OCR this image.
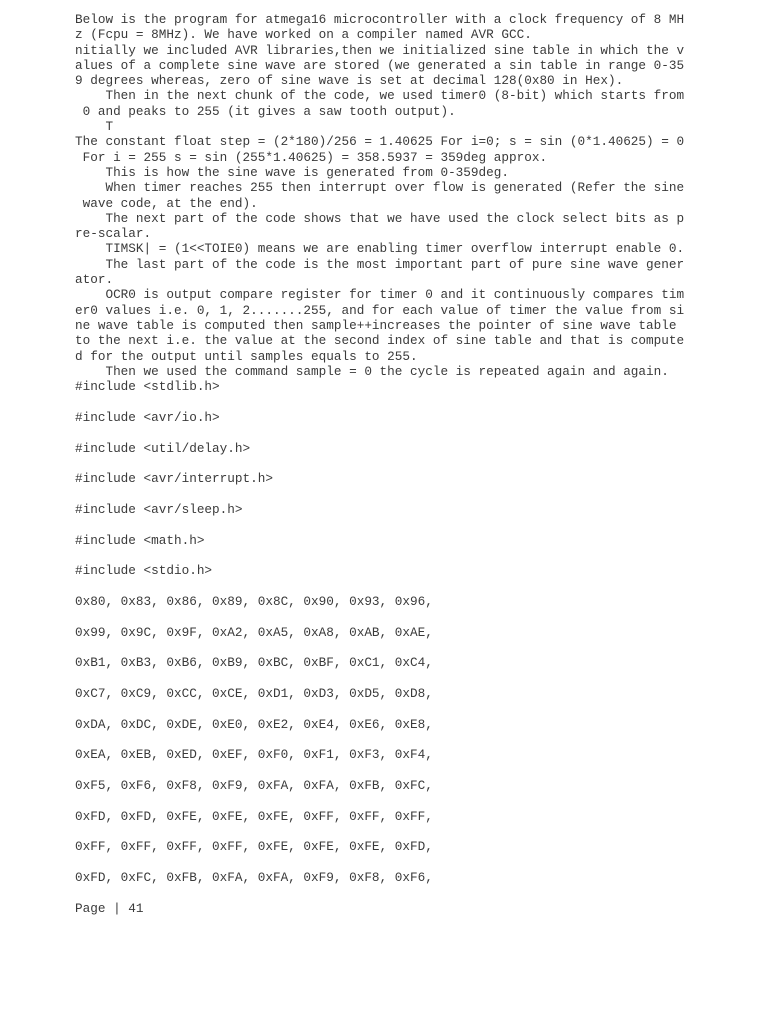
Below is the program for atmega16 microcontroller with a clock frequency of 8 MH
z (Fcpu = 8MHz). We have worked on a compiler named AVR GCC.
nitially we included AVR libraries,then we initialized sine table in which the v
alues of a complete sine wave are stored (we generated a sin table in range 0-35
9 degrees whereas, zero of sine wave is set at decimal 128(0x80 in Hex).
Then in the next chunk of the code, we used timer0 (8-bit) which starts from
0 and peaks to 255 (it gives a saw tooth output).
T
The constant float step = (2*180)/256 = 1.40625 For i=0; s = sin (0*1.40625) = 0
For i = 255 s = sin (255*1.40625) = 358.5937 = 359deg approx.
This is how the sine wave is generated from 0-359deg.
When timer reaches 255 then interrupt over flow is generated (Refer the sine
wave code, at the end).
The next part of the code shows that we have used the clock select bits as p
re-scalar.
TIMSK| = (1<<TOIE0) means we are enabling timer overflow interrupt enable 0.
The last part of the code is the most important part of pure sine wave gener
ator.
OCR0 is output compare register for timer 0 and it continuously compares tim
er0 values i.e. 0, 1, 2.......255, and for each value of timer the value from si
ne wave table is computed then sample++increases the pointer of sine wave table
to the next i.e. the value at the second index of sine table and that is compute
d for the output until samples equals to 255.
Then we used the command sample = 0 the cycle is repeated again and again.
#include <stdlib.h>
#include <avr/io.h>
#include <util/delay.h>
#include <avr/interrupt.h>
#include <avr/sleep.h>
#include <math.h>
#include <stdio.h>
0x80, 0x83, 0x86, 0x89, 0x8C, 0x90, 0x93, 0x96,
0x99, 0x9C, 0x9F, 0xA2, 0xA5, 0xA8, 0xAB, 0xAE,
0xB1, 0xB3, 0xB6, 0xB9, 0xBC, 0xBF, 0xC1, 0xC4,
0xC7, 0xC9, 0xCC, 0xCE, 0xD1, 0xD3, 0xD5, 0xD8,
0xDA, 0xDC, 0xDE, 0xE0, 0xE2, 0xE4, 0xE6, 0xE8,
0xEA, 0xEB, 0xED, 0xEF, 0xF0, 0xF1, 0xF3, 0xF4,
0xF5, 0xF6, 0xF8, 0xF9, 0xFA, 0xFA, 0xFB, 0xFC,
0xFD, 0xFD, 0xFE, 0xFE, 0xFE, 0xFF, 0xFF, 0xFF,
0xFF, 0xFF, 0xFF, 0xFF, 0xFE, 0xFE, 0xFE, 0xFD,
0xFD, 0xFC, 0xFB, 0xFA, 0xFA, 0xF9, 0xF8, 0xF6,
Page | 41
